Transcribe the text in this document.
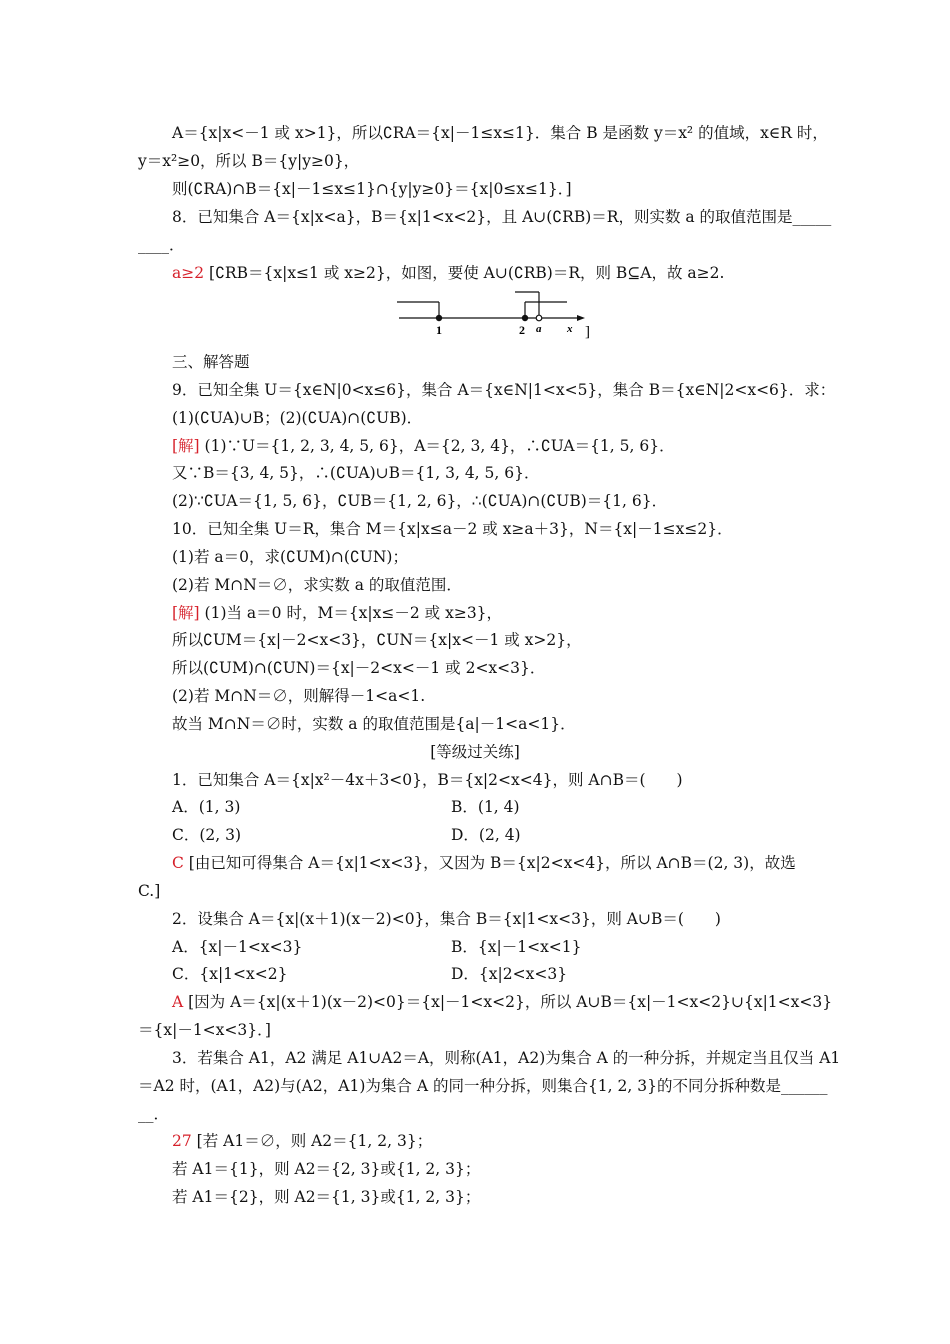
A＝{x|x<－1 或 x>1}，所以∁RA＝{x|－1≤x≤1}．集合 B 是函数 y＝x² 的值域，x∈R 时，
y＝x²≥0，所以 B＝{y|y≥0}，
则(∁RA)∩B＝{x|－1≤x≤1}∩{y|y≥0}＝{x|0≤x≤1}．]
8．已知集合 A＝{x|x<a}，B＝{x|1<x<2}，且 A∪(∁RB)＝R，则实数 a 的取值范围是_____
____．
a≥2 [∁RB＝{x|x≤1 或 x≥2}，如图，要使 A∪(∁RB)＝R，则 B⊆A，故 a≥2.
1	2 a x ]
三、解答题
9．已知全集 U＝{x∈N|0<x≤6}，集合 A＝{x∈N|1<x<5}，集合 B＝{x∈N|2<x<6}．求：
(1)(∁UA)∪B；(2)(∁UA)∩(∁UB)．
[解] (1)∵U＝{1, 2, 3, 4, 5, 6}，A＝{2, 3, 4}，∴∁UA＝{1, 5, 6}．
又∵B＝{3, 4, 5}，∴(∁UA)∪B＝{1, 3, 4, 5, 6}．
(2)∵∁UA＝{1, 5, 6}，∁UB＝{1, 2, 6}，∴(∁UA)∩(∁UB)＝{1, 6}．
10．已知全集 U＝R，集合 M＝{x|x≤a－2 或 x≥a＋3}，N＝{x|－1≤x≤2}．
(1)若 a＝0，求(∁UM)∩(∁UN)；
(2)若 M∩N＝∅，求实数 a 的取值范围．
[解] (1)当 a＝0 时，M＝{x|x≤－2 或 x≥3}，
所以∁UM＝{x|－2<x<3}，∁UN＝{x|x<－1 或 x>2}，
所以(∁UM)∩(∁UN)＝{x|－2<x<－1 或 2<x<3}．
(2)若 M∩N＝∅，则解得－1<a<1.
故当 M∩N＝∅时，实数 a 的取值范围是{a|－1<a<1}．
[等级过关练]
1．已知集合 A＝{x|x²－4x＋3<0}，B＝{x|2<x<4}，则 A∩B＝(　　)
A．(1, 3)	B．(1, 4)
C．(2, 3)	D．(2, 4)
C [由已知可得集合 A＝{x|1<x<3}，又因为 B＝{x|2<x<4}，所以 A∩B＝(2, 3)，故选
C.]
2．设集合 A＝{x|(x＋1)(x－2)<0}，集合 B＝{x|1<x<3}，则 A∪B＝(　　)
A．{x|－1<x<3}	B．{x|－1<x<1}
C．{x|1<x<2}	D．{x|2<x<3}
A [因为 A＝{x|(x＋1)(x－2)<0}＝{x|－1<x<2}，所以 A∪B＝{x|－1<x<2}∪{x|1<x<3}
＝{x|－1<x<3}．]
3．若集合 A1，A2 满足 A1∪A2＝A，则称(A1，A2)为集合 A 的一种分拆，并规定当且仅当 A1
＝A2 时，(A1，A2)与(A2，A1)为集合 A 的同一种分拆，则集合{1, 2, 3}的不同分拆种数是______
__．
27 [若 A1＝∅，则 A2＝{1, 2, 3}；
若 A1＝{1}，则 A2＝{2, 3}或{1, 2, 3}；
若 A1＝{2}，则 A2＝{1, 3}或{1, 2, 3}；
